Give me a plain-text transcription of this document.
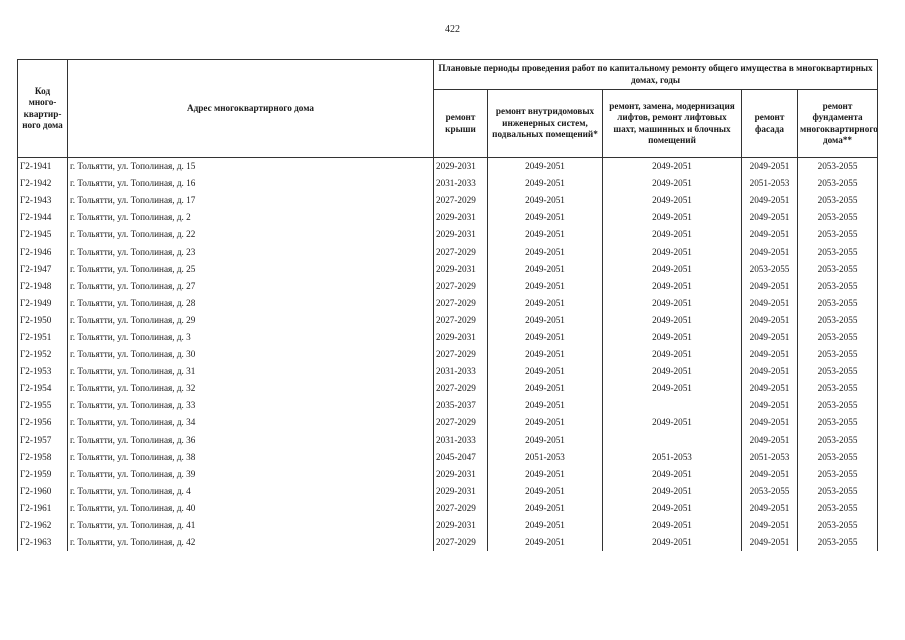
422
Код много-квартир-ного дома	Адрес многоквартирного дома	Плановые периоды проведения работ по капитальному ремонту общего имущества в многоквартирных домах, годы				
		ремонт крыши	ремонт внутридомовых инженерных систем, подвальных помещений*	ремонт, замена, модернизация лифтов, ремонт лифтовых шахт, машинных и блочных помещений	ремонт фасада	ремонт фундамента многоквартирного дома**
Г2-1941	г. Тольятти, ул. Тополиная, д. 15	2029-2031	2049-2051	2049-2051	2049-2051	2053-2055
Г2-1942	г. Тольятти, ул. Тополиная, д. 16	2031-2033	2049-2051	2049-2051	2051-2053	2053-2055
Г2-1943	г. Тольятти, ул. Тополиная, д. 17	2027-2029	2049-2051	2049-2051	2049-2051	2053-2055
Г2-1944	г. Тольятти, ул. Тополиная, д. 2	2029-2031	2049-2051	2049-2051	2049-2051	2053-2055
Г2-1945	г. Тольятти, ул. Тополиная, д. 22	2029-2031	2049-2051	2049-2051	2049-2051	2053-2055
Г2-1946	г. Тольятти, ул. Тополиная, д. 23	2027-2029	2049-2051	2049-2051	2049-2051	2053-2055
Г2-1947	г. Тольятти, ул. Тополиная, д. 25	2029-2031	2049-2051	2049-2051	2053-2055	2053-2055
Г2-1948	г. Тольятти, ул. Тополиная, д. 27	2027-2029	2049-2051	2049-2051	2049-2051	2053-2055
Г2-1949	г. Тольятти, ул. Тополиная, д. 28	2027-2029	2049-2051	2049-2051	2049-2051	2053-2055
Г2-1950	г. Тольятти, ул. Тополиная, д. 29	2027-2029	2049-2051	2049-2051	2049-2051	2053-2055
Г2-1951	г. Тольятти, ул. Тополиная, д. 3	2029-2031	2049-2051	2049-2051	2049-2051	2053-2055
Г2-1952	г. Тольятти, ул. Тополиная, д. 30	2027-2029	2049-2051	2049-2051	2049-2051	2053-2055
Г2-1953	г. Тольятти, ул. Тополиная, д. 31	2031-2033	2049-2051	2049-2051	2049-2051	2053-2055
Г2-1954	г. Тольятти, ул. Тополиная, д. 32	2027-2029	2049-2051	2049-2051	2049-2051	2053-2055
Г2-1955	г. Тольятти, ул. Тополиная, д. 33	2035-2037	2049-2051		2049-2051	2053-2055
Г2-1956	г. Тольятти, ул. Тополиная, д. 34	2027-2029	2049-2051	2049-2051	2049-2051	2053-2055
Г2-1957	г. Тольятти, ул. Тополиная, д. 36	2031-2033	2049-2051		2049-2051	2053-2055
Г2-1958	г. Тольятти, ул. Тополиная, д. 38	2045-2047	2051-2053	2051-2053	2051-2053	2053-2055
Г2-1959	г. Тольятти, ул. Тополиная, д. 39	2029-2031	2049-2051	2049-2051	2049-2051	2053-2055
Г2-1960	г. Тольятти, ул. Тополиная, д. 4	2029-2031	2049-2051	2049-2051	2053-2055	2053-2055
Г2-1961	г. Тольятти, ул. Тополиная, д. 40	2027-2029	2049-2051	2049-2051	2049-2051	2053-2055
Г2-1962	г. Тольятти, ул. Тополиная, д. 41	2029-2031	2049-2051	2049-2051	2049-2051	2053-2055
Г2-1963	г. Тольятти, ул. Тополиная, д. 42	2027-2029	2049-2051	2049-2051	2049-2051	2053-2055
